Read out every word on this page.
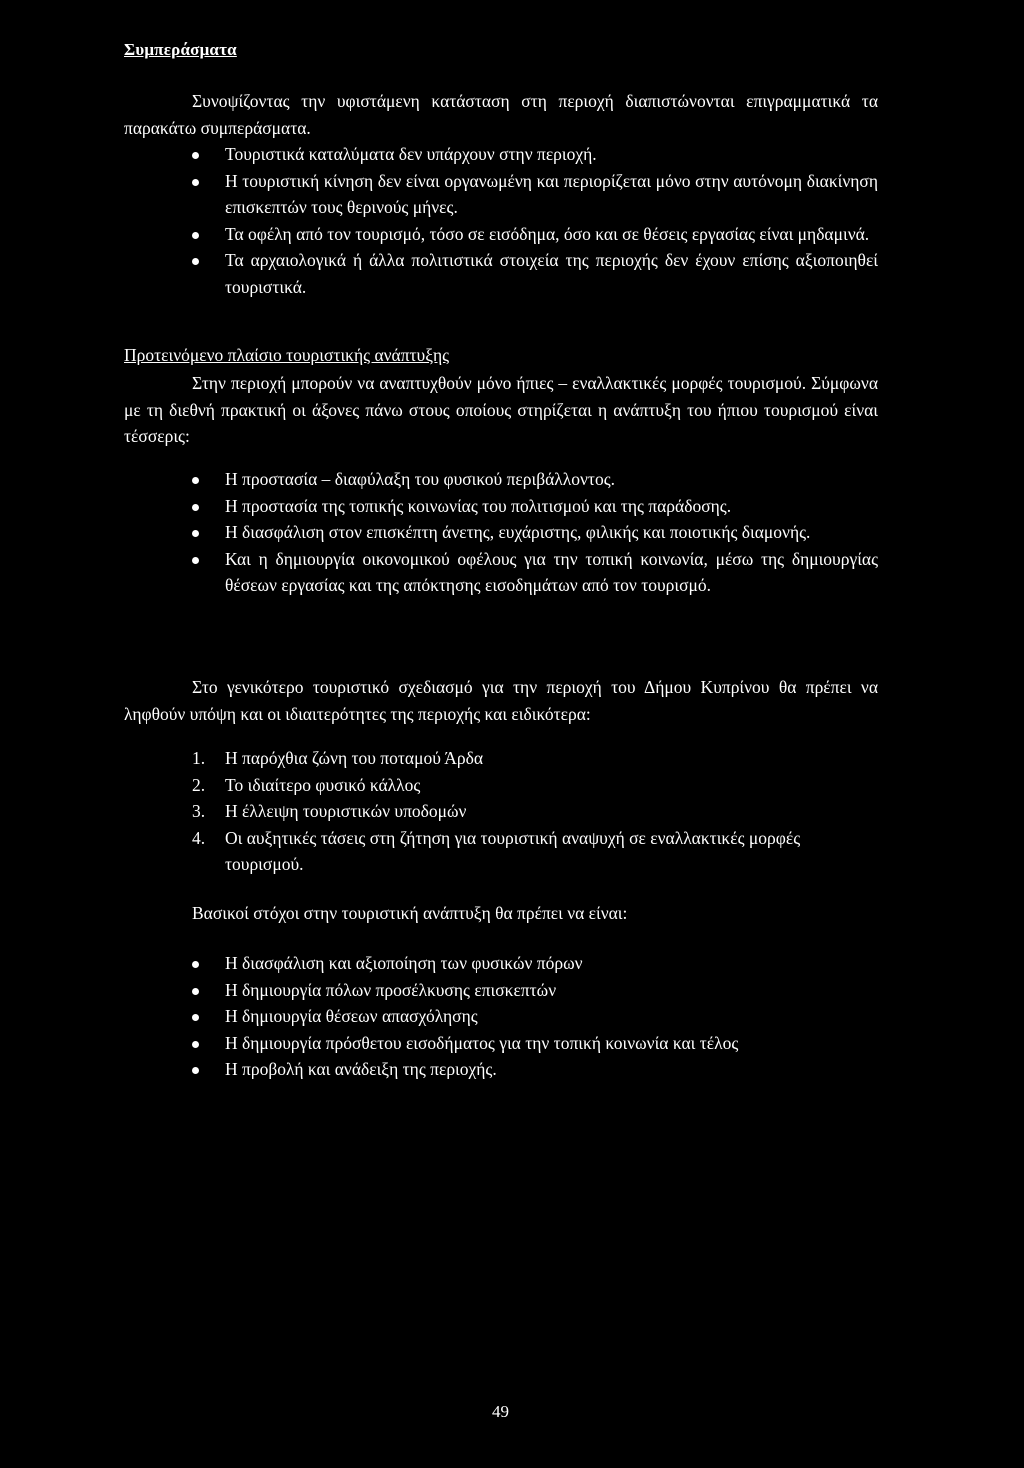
Συμπεράσματα
Συνοψίζοντας την υφιστάμενη κατάσταση στη περιοχή διαπιστώνονται επιγραμματικά τα παρακάτω συμπεράσματα.
Τουριστικά καταλύματα δεν υπάρχουν στην περιοχή.
Η τουριστική κίνηση δεν είναι οργανωμένη και περιορίζεται μόνο στην αυτόνομη διακίνηση επισκεπτών τους θερινούς μήνες.
Τα οφέλη από τον τουρισμό, τόσο σε εισόδημα, όσο και σε θέσεις εργασίας είναι μηδαμινά.
Τα αρχαιολογικά ή άλλα πολιτιστικά στοιχεία της περιοχής δεν έχουν επίσης αξιοποιηθεί τουριστικά.
Προτεινόμενο πλαίσιο τουριστικής ανάπτυξης
Στην περιοχή μπορούν να αναπτυχθούν μόνο ήπιες – εναλλακτικές μορφές τουρισμού. Σύμφωνα με τη διεθνή πρακτική οι άξονες πάνω στους οποίους στηρίζεται η ανάπτυξη του ήπιου τουρισμού είναι τέσσερις:
Η προστασία – διαφύλαξη του φυσικού περιβάλλοντος.
Η προστασία της τοπικής κοινωνίας του πολιτισμού και της παράδοσης.
Η διασφάλιση στον επισκέπτη άνετης, ευχάριστης, φιλικής και ποιοτικής διαμονής.
Και η δημιουργία οικονομικού οφέλους για την τοπική κοινωνία, μέσω της δημιουργίας θέσεων εργασίας και της απόκτησης εισοδημάτων από τον τουρισμό.
Στο γενικότερο τουριστικό σχεδιασμό για την περιοχή του Δήμου Κυπρίνου θα πρέπει να ληφθούν υπόψη και οι ιδιαιτερότητες της περιοχής και ειδικότερα:
1. Η παρόχθια ζώνη του ποταμού Άρδα
2. Το ιδιαίτερο φυσικό κάλλος
3. Η έλλειψη τουριστικών υποδομών
4. Οι αυξητικές τάσεις στη ζήτηση για τουριστική αναψυχή σε εναλλακτικές μορφές τουρισμού.
Βασικοί στόχοι στην τουριστική ανάπτυξη θα πρέπει να είναι:
Η διασφάλιση και αξιοποίηση των φυσικών πόρων
Η δημιουργία πόλων προσέλκυσης επισκεπτών
Η δημιουργία θέσεων απασχόλησης
Η δημιουργία πρόσθετου εισοδήματος για την τοπική κοινωνία και τέλος
Η προβολή και ανάδειξη της περιοχής.
49
